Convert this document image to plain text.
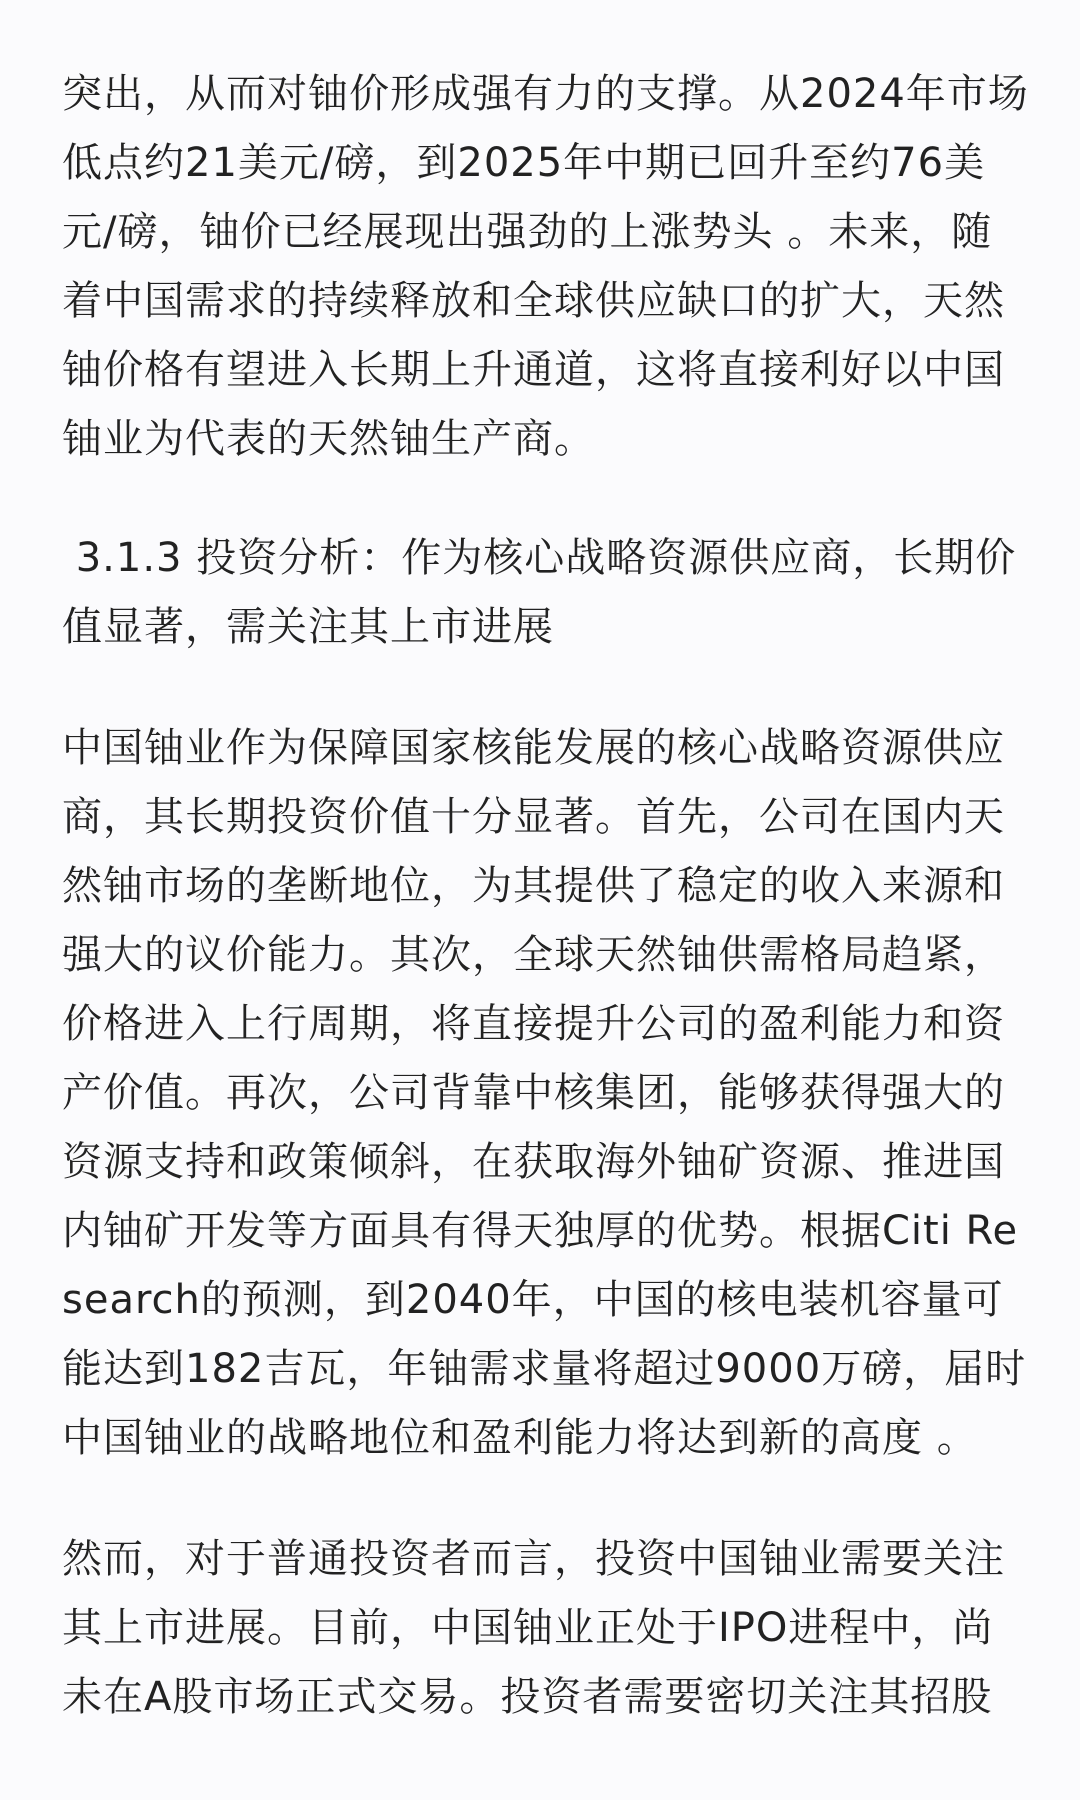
突出，从而对铀价形成强有力的支撑。从2024年市场
低点约21美元/磅，到2025年中期已回升至约76美
元/磅，铀价已经展现出强劲的上涨势头 。未来，随
着中国需求的持续释放和全球供应缺口的扩大，天然
铀价格有望进入长期上升通道，这将直接利好以中国
铀业为代表的天然铀生产商。

3.1.3 投资分析：作为核心战略资源供应商，长期价
值显著，需关注其上市进展

中国铀业作为保障国家核能发展的核心战略资源供应
商，其长期投资价值十分显著。首先，公司在国内天
然铀市场的垄断地位，为其提供了稳定的收入来源和
强大的议价能力。其次，全球天然铀供需格局趋紧，
价格进入上行周期，将直接提升公司的盈利能力和资
产价值。再次，公司背靠中核集团，能够获得强大的
资源支持和政策倾斜，在获取海外铀矿资源、推进国
内铀矿开发等方面具有得天独厚的优势。根据Citi Re
search的预测，到2040年，中国的核电装机容量可
能达到182吉瓦，年铀需求量将超过9000万磅，届时
中国铀业的战略地位和盈利能力将达到新的高度 。

然而，对于普通投资者而言，投资中国铀业需要关注
其上市进展。目前，中国铀业正处于IPO进程中，尚
未在A股市场正式交易。投资者需要密切关注其招股
